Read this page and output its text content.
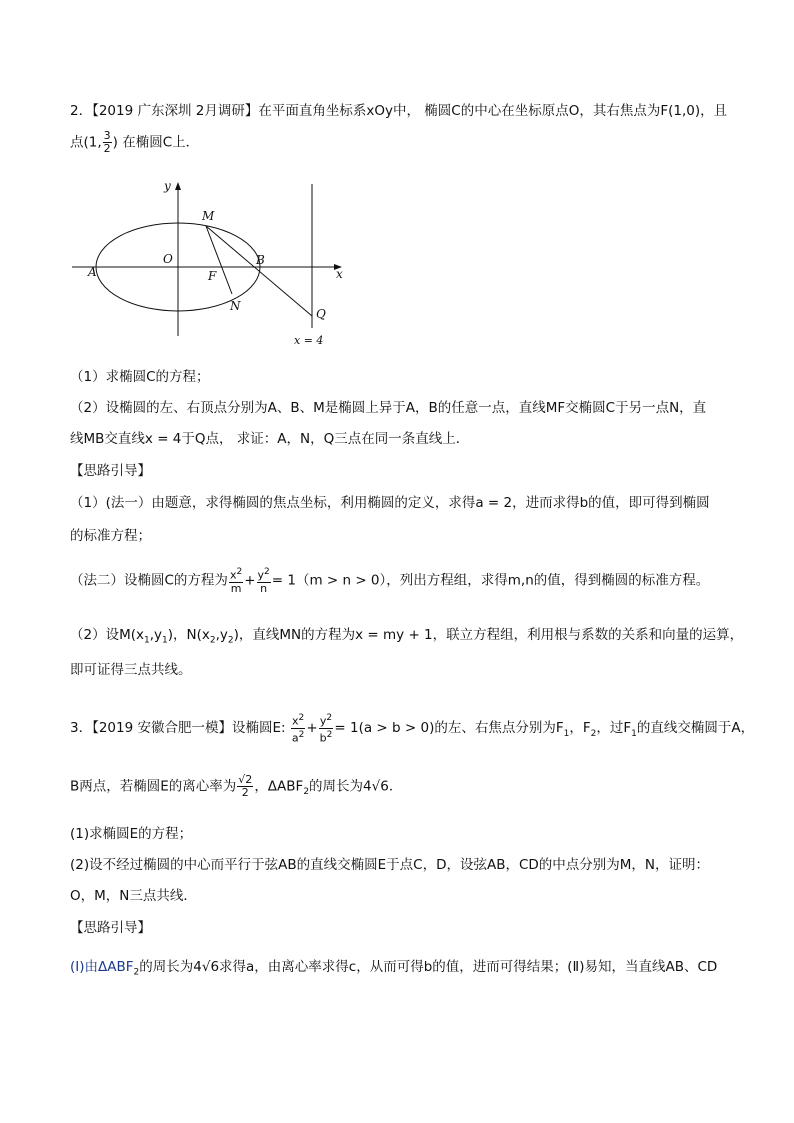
2．【2019 广东深圳 2月调研】在平面直角坐标系xOy中， 椭圆C的中心在坐标原点O，其右焦点为F(1,0)，且
点(1, $\frac{3}{2}$ ) 在椭圆C上．
y
x
O
A
B
F
M
N
Q
x = 4
（1）求椭圆C的方程；
（2）设椭圆的左、右顶点分别为A、B、M是椭圆上异于A，B的任意一点，直线MF交椭圆C于另一点N，直
线MB交直线x = 4于Q点， 求证：A，N，Q三点在同一条直线上．
【思路引导】
（1）(法一）由题意，求得椭圆的焦点坐标，利用椭圆的定义，求得a = 2，进而求得b的值，即可得到椭圆
的标准方程；
（法二）设椭圆C的方程为 $\frac{x^2}{m} + \frac{y^2}{n} = 1(m > n > 0)$，列出方程组，求得m,n的值，得到椭圆的标准方程。
（2）设$M(x_1,y_1)$，$N(x_2,y_2)$，直线MN的方程为x = my + 1，联立方程组，利用根与系数的关系和向量的运算，
即可证得三点共线。
3．【2019 安徽合肥一模】设椭圆E: $\frac{x^2}{a^2} + \frac{y^2}{b^2} = 1(a > b > 0)$的左、右焦点分别为$F_1$，$F_2$，过$F_1$的直线交椭圆于A，
B两点，若椭圆E的离心率为 $\frac{√2}{2}$ ，$\Delta ABF_2$的周长为4√6．
(1)求椭圆E的方程；
(2)设不经过椭圆的中心而平行于弦AB的直线交椭圆E于点C，D，设弦AB，CD的中点分别为M，N，证明：
O，M，N三点共线．
【思路引导】
(Ⅰ)由$\Delta ABF_2$的周长为4√6求得a，由离心率求得c，从而可得b的值，进而可得结果；(Ⅱ)易知，当直线AB、CD
